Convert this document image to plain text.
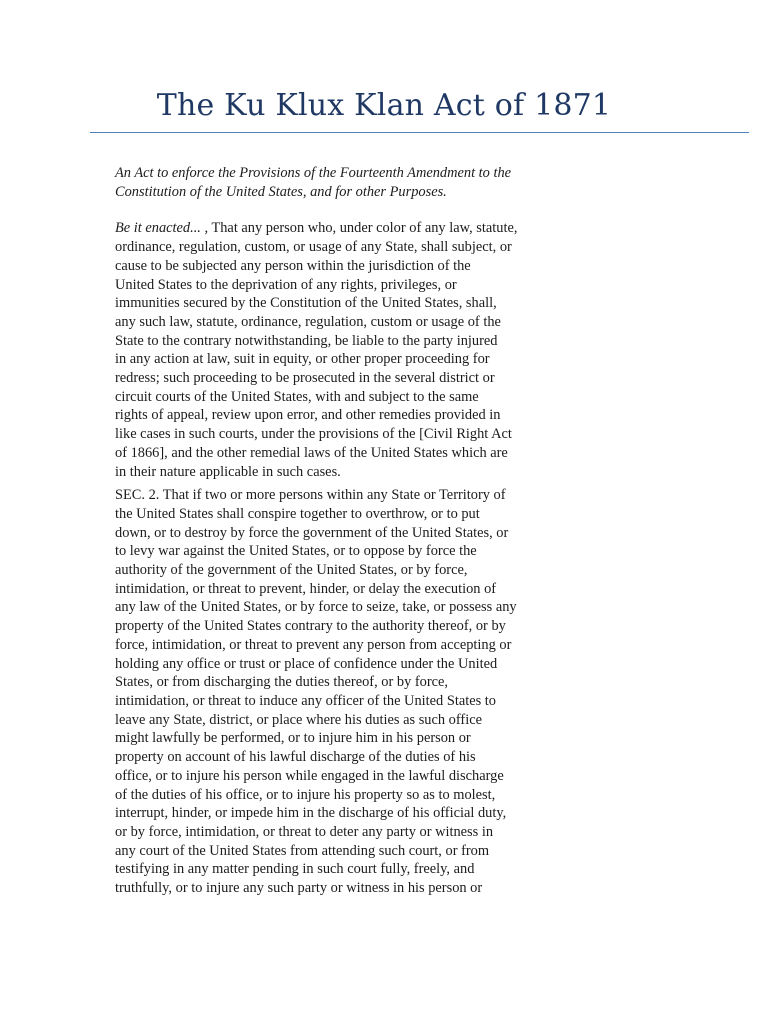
The Ku Klux Klan Act of 1871
An Act to enforce the Provisions of the Fourteenth Amendment to the
Constitution of the United States, and for other Purposes.
Be it enacted... , That any person who, under color of any law, statute,
ordinance, regulation, custom, or usage of any State, shall subject, or
cause to be subjected any person within the jurisdiction of the
United States to the deprivation of any rights, privileges, or
immunities secured by the Constitution of the United States, shall,
any such law, statute, ordinance, regulation, custom or usage of the
State to the contrary notwithstanding, be liable to the party injured
in any action at law, suit in equity, or other proper proceeding for
redress; such proceeding to be prosecuted in the several district or
circuit courts of the United States, with and subject to the same
rights of appeal, review upon error, and other remedies provided in
like cases in such courts, under the provisions of the [Civil Right Act
of 1866], and the other remedial laws of the United States which are
in their nature applicable in such cases.
SEC. 2. That if two or more persons within any State or Territory of
the United States shall conspire together to overthrow, or to put
down, or to destroy by force the government of the United States, or
to levy war against the United States, or to oppose by force the
authority of the government of the United States, or by force,
intimidation, or threat to prevent, hinder, or delay the execution of
any law of the United States, or by force to seize, take, or possess any
property of the United States contrary to the authority thereof, or by
force, intimidation, or threat to prevent any person from accepting or
holding any office or trust or place of confidence under the United
States, or from discharging the duties thereof, or by force,
intimidation, or threat to induce any officer of the United States to
leave any State, district, or place where his duties as such office
might lawfully be performed, or to injure him in his person or
property on account of his lawful discharge of the duties of his
office, or to injure his person while engaged in the lawful discharge
of the duties of his office, or to injure his property so as to molest,
interrupt, hinder, or impede him in the discharge of his official duty,
or by force, intimidation, or threat to deter any party or witness in
any court of the United States from attending such court, or from
testifying in any matter pending in such court fully, freely, and
truthfully, or to injure any such party or witness in his person or
